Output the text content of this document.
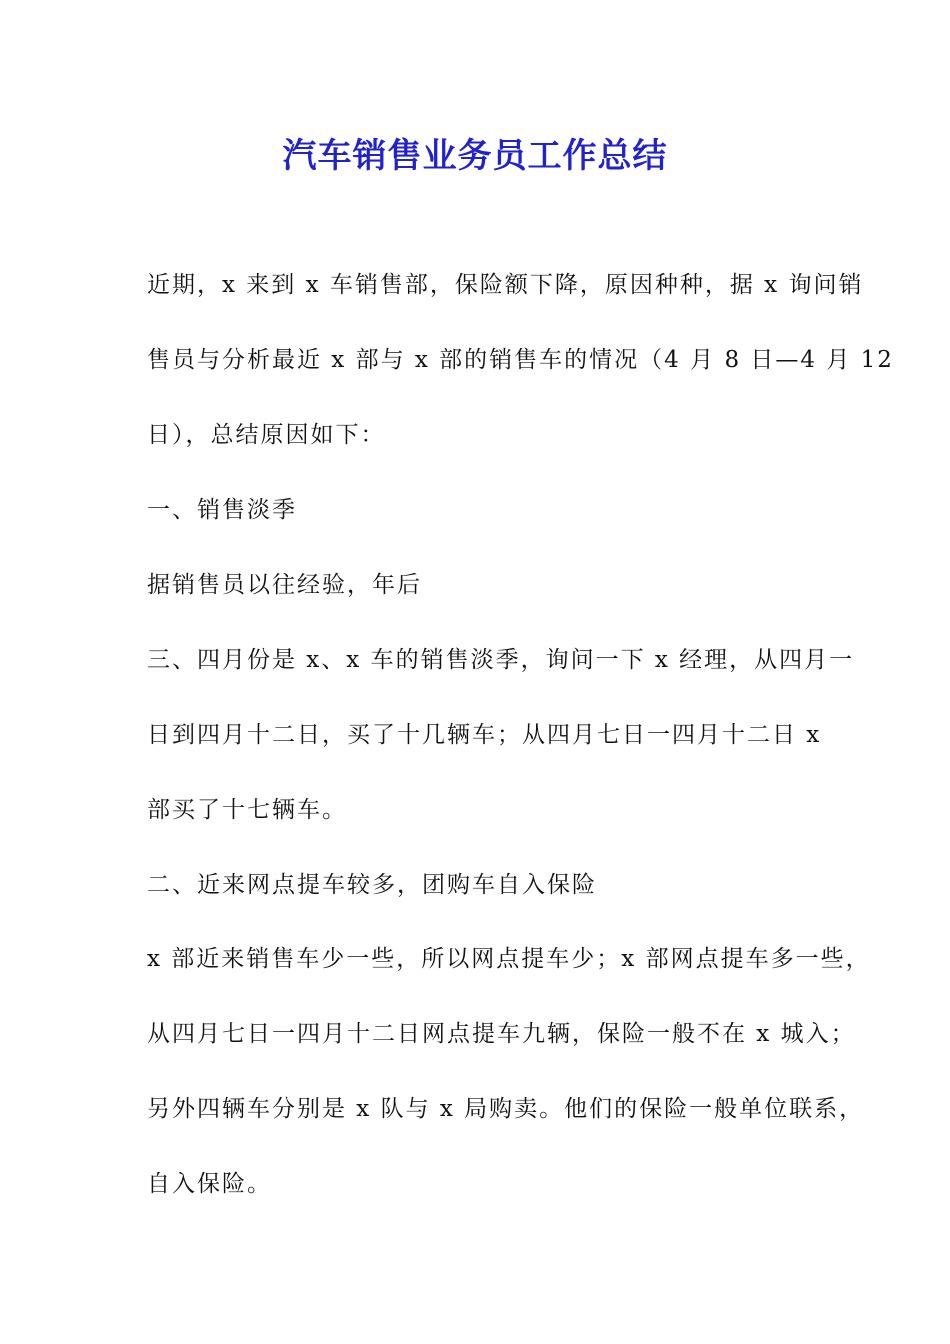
汽车销售业务员工作总结
近期，x 来到 x 车销售部，保险额下降，原因种种，据 x 询问销
售员与分析最近 x 部与 x 部的销售车的情况（4 月 8 日—4 月 12
日），总结原因如下：
一、销售淡季
据销售员以往经验，年后
三、四月份是 x、x 车的销售淡季，询问一下 x 经理，从四月一
日到四月十二日，买了十几辆车；从四月七日一四月十二日 x
部买了十七辆车。
二、近来网点提车较多，团购车自入保险
x 部近来销售车少一些，所以网点提车少；x 部网点提车多一些，
从四月七日一四月十二日网点提车九辆，保险一般不在 x 城入；
另外四辆车分别是 x 队与 x 局购卖。他们的保险一般单位联系，
自入保险。
